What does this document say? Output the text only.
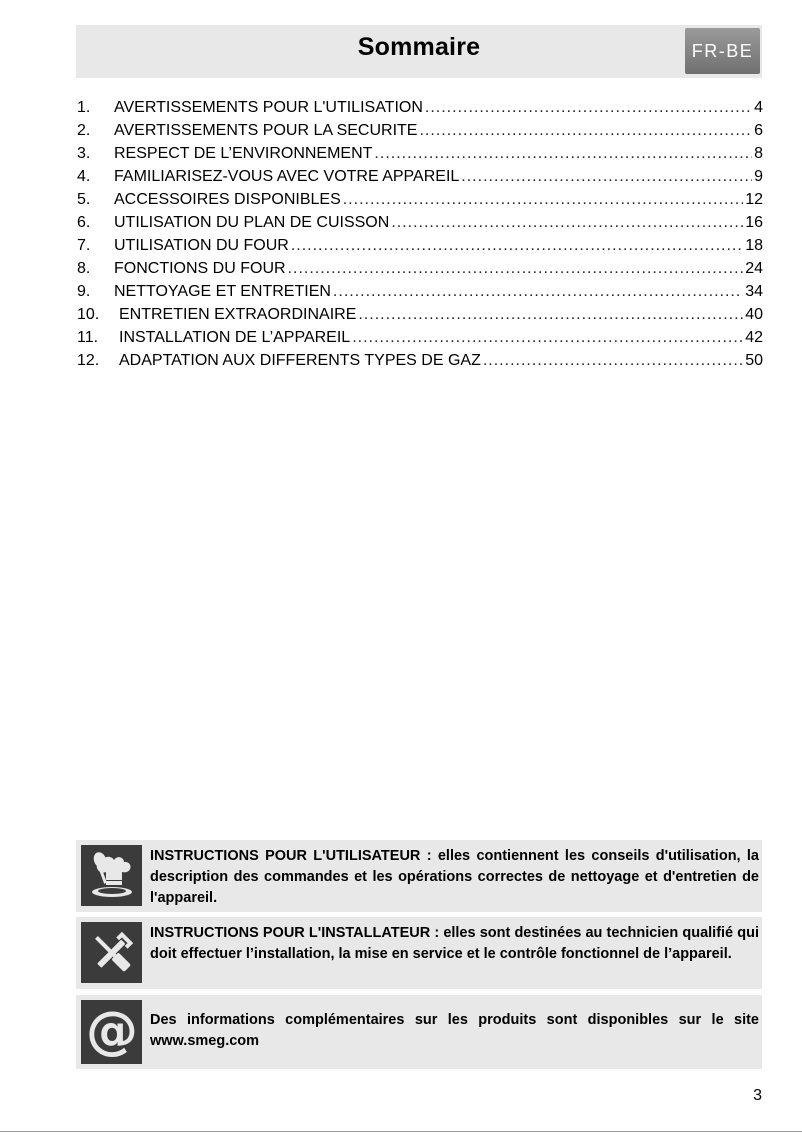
Sommaire	FR-BE
1.	AVERTISSEMENTS POUR L'UTILISATION .....	4
2.	AVERTISSEMENTS POUR LA SECURITE .....	6
3.	RESPECT DE L’ENVIRONNEMENT .....	8
4.	FAMILIARISEZ-VOUS AVEC VOTRE APPAREIL .....	9
5.	ACCESSOIRES DISPONIBLES .....	12
6.	UTILISATION DU PLAN DE CUISSON .....	16
7.	UTILISATION DU FOUR .....	18
8.	FONCTIONS DU FOUR .....	24
9.	NETTOYAGE ET ENTRETIEN .....	34
10.	ENTRETIEN EXTRAORDINAIRE .....	40
11.	INSTALLATION DE L’APPAREIL .....	42
12.	ADAPTATION AUX DIFFERENTS TYPES DE GAZ .....	50
INSTRUCTIONS POUR L'UTILISATEUR : elles contiennent les conseils d'utilisation, la description des commandes et les opérations correctes de nettoyage et d'entretien de l'appareil.
INSTRUCTIONS POUR L'INSTALLATEUR : elles sont destinées au technicien qualifié qui doit effectuer l’installation, la mise en service et le contrôle fonctionnel de l’appareil.
@ Des informations complémentaires sur les produits sont disponibles sur le site www.smeg.com
3
